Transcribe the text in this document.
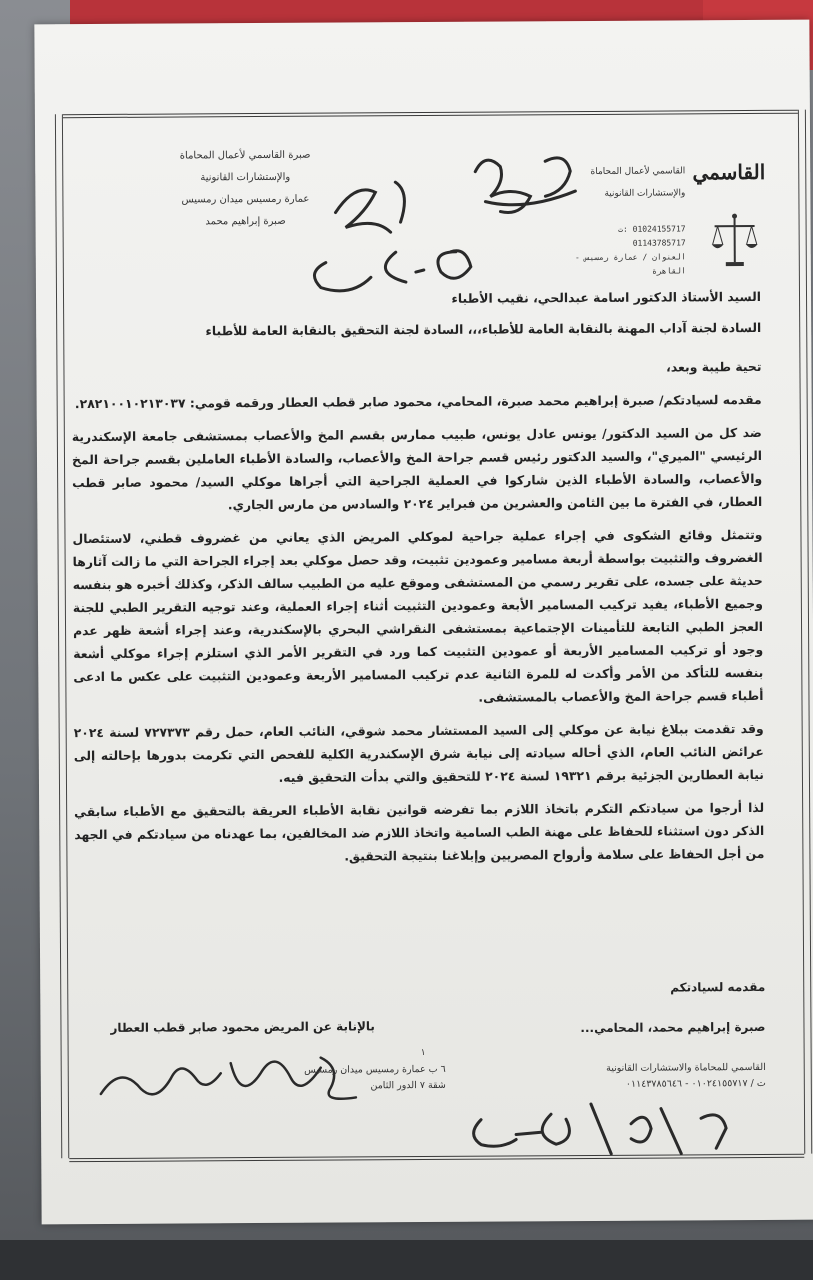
صبرة القاسمي لأعمال المحاماة
والإستشارات القانونية
عمارة رمسيس ميدان رمسيس
صبرة إبراهيم محمد
القاسمي
القاسمي لأعمال المحاماة
والإستشارات القانونية
01024155717 :ت
01143785717
العنوان / عمارة رمسيس - القاهرة
شكوى
٢٣
٢٠٢٤

السيد الأستاذ الدكتور اسامة عبدالحي، نقيب الأطباء

السادة لجنة آداب المهنة بالنقابة العامة للأطباء،،، السادة لجنة التحقيق بالنقابة العامة للأطباء

تحية طيبة وبعد،

مقدمه لسيادتكم/ صبرة إبراهيم محمد صبرة، المحامي، محمود صابر قطب العطار ورقمه قومي: ٢٨٢١٠٠١٠٢١٣٠٣٧.

ضد كل من السيد الدكتور/ يونس عادل يونس، طبيب ممارس بقسم المخ والأعصاب بمستشفى جامعة الإسكندرية الرئيسي "الميري"، والسيد الدكتور رئيس قسم جراحة المخ والأعصاب، والسادة الأطباء العاملين بقسم جراحة المخ والأعصاب، والسادة الأطباء الذين شاركوا في العملية الجراحية التي أجراها موكلي السيد/ محمود صابر قطب العطار، في الفترة ما بين الثامن والعشرين من فبراير ٢٠٢٤ والسادس من مارس الجاري.

وتتمثل وقائع الشكوى في إجراء عملية جراحية لموكلي المريض الذي يعاني من غضروف قطني، لاستئصال الغضروف والتثبيت بواسطة أربعة مسامير وعمودين تثبيت، وقد حصل موكلي بعد إجراء الجراحة التي ما زالت آثارها حديثة على جسده، على تقرير رسمي من المستشفى وموقع عليه من الطبيب سالف الذكر، وكذلك أخبره هو بنفسه وجميع الأطباء، يفيد تركيب المسامير الأبعة وعمودين التثبيت أثناء إجراء العملية، وعند توجيه التقرير الطبي للجنة العجز الطبي التابعة للتأمينات الإجتماعية بمستشفى النقراشي البحري بالإسكندرية، وعند إجراء أشعة ظهر عدم وجود أو تركيب المسامير الأربعة أو عمودين التثبيت كما ورد في التقرير الأمر الذي استلزم إجراء موكلي أشعة بنفسه للتأكد من الأمر وأكدت له للمرة الثانية عدم تركيب المسامير الأربعة وعمودين التثبيت على عكس ما ادعى أطباء قسم جراحة المخ والأعصاب بالمستشفى.

وقد تقدمت ببلاغ نيابة عن موكلي إلى السيد المستشار محمد شوقي، النائب العام، حمل رقم ٧٢٧٣٧٣ لسنة ٢٠٢٤ عرائض النائب العام، الذي أحاله سيادته إلى نيابة شرق الإسكندرية الكلية للفحص التي تكرمت بدورها بإحالته إلى نيابة العطارين الجزئية برقم ١٩٣٢١ لسنة ٢٠٢٤ للتحقيق والتي بدأت التحقيق فيه.

لذا أرجوا من سيادتكم التكرم باتخاذ اللازم بما تفرضه قوانين نقابة الأطباء العريقة بالتحقيق مع الأطباء سابقي الذكر دون استثناء للحفاظ على مهنة الطب السامية واتخاذ اللازم ضد المخالفين، بما عهدناه من سيادتكم في الجهد من أجل الحفاظ على سلامة وأرواح المصريين وإبلاغنا بنتيجة التحقيق.

مقدمه لسيادتكم
صبرة إبراهيم محمد، المحامي...
بالإنابة عن المريض محمود صابر قطب العطار
صبرة ابراهيم محمد
١
القاسمي للمحاماة والاستشارات القانونية
ت / ٠١٠٢٤١٥٥٧١٧ - ٠١١٤٣٧٨٥٦٤٦
٦ ب عمارة رمسيس ميدان رمسيس
شقة ٧ الدور الثامن
٢٠٢٤/٣/٧
